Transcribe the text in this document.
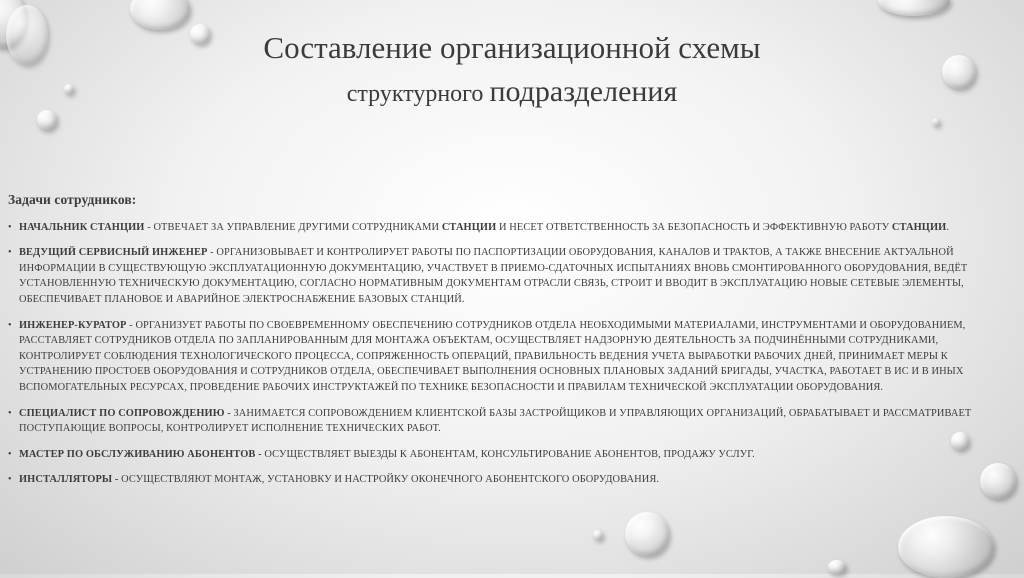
Составление организационной схемы
структурного подразделения
Задачи сотрудников:
• НАЧАЛЬНИК СТАНЦИИ - ОТВЕЧАЕТ ЗА УПРАВЛЕНИЕ ДРУГИМИ СОТРУДНИКАМИ СТАНЦИИ И НЕСЕТ ОТВЕТСТВЕННОСТЬ ЗА БЕЗОПАСНОСТЬ И ЭФФЕКТИВНУЮ РАБОТУ СТАНЦИИ.
• ВЕДУЩИЙ СЕРВИСНЫЙ ИНЖЕНЕР - ОРГАНИЗОВЫВАЕТ И КОНТРОЛИРУЕТ РАБОТЫ ПО ПАСПОРТИЗАЦИИ ОБОРУДОВАНИЯ, КАНАЛОВ И ТРАКТОВ, А ТАКЖЕ ВНЕСЕНИЕ АКТУАЛЬНОЙ ИНФОРМАЦИИ В СУЩЕСТВУЮЩУЮ ЭКСПЛУАТАЦИОННУЮ ДОКУМЕНТАЦИЮ, УЧАСТВУЕТ В ПРИЕМО-СДАТОЧНЫХ ИСПЫТАНИЯХ ВНОВЬ СМОНТИРОВАННОГО ОБОРУДОВАНИЯ, ВЕДЁТ УСТАНОВЛЕННУЮ ТЕХНИЧЕСКУЮ ДОКУМЕНТАЦИЮ, СОГЛАСНО НОРМАТИВНЫМ ДОКУМЕНТАМ ОТРАСЛИ СВЯЗЬ, СТРОИТ И ВВОДИТ В ЭКСПЛУАТАЦИЮ НОВЫЕ СЕТЕВЫЕ ЭЛЕМЕНТЫ, ОБЕСПЕЧИВАЕТ ПЛАНОВОЕ И АВАРИЙНОЕ ЭЛЕКТРОСНАБЖЕНИЕ БАЗОВЫХ СТАНЦИЙ.
• ИНЖЕНЕР-КУРАТОР - ОРГАНИЗУЕТ РАБОТЫ ПО СВОЕВРЕМЕННОМУ ОБЕСПЕЧЕНИЮ СОТРУДНИКОВ ОТДЕЛА НЕОБХОДИМЫМИ МАТЕРИАЛАМИ, ИНСТРУМЕНТАМИ И ОБОРУДОВАНИЕМ, РАССТАВЛЯЕТ СОТРУДНИКОВ ОТДЕЛА ПО ЗАПЛАНИРОВАННЫМ ДЛЯ МОНТАЖА ОБЪЕКТАМ, ОСУЩЕСТВЛЯЕТ НАДЗОРНУЮ ДЕЯТЕЛЬНОСТЬ ЗА ПОДЧИНЁННЫМИ СОТРУДНИКАМИ, КОНТРОЛИРУЕТ СОБЛЮДЕНИЯ ТЕХНОЛОГИЧЕСКОГО ПРОЦЕССА, СОПРЯЖЕННОСТЬ ОПЕРАЦИЙ, ПРАВИЛЬНОСТЬ ВЕДЕНИЯ УЧЕТА ВЫРАБОТКИ РАБОЧИХ ДНЕЙ, ПРИНИМАЕТ МЕРЫ К УСТРАНЕНИЮ ПРОСТОЕВ ОБОРУДОВАНИЯ И СОТРУДНИКОВ ОТДЕЛА, ОБЕСПЕЧИВАЕТ ВЫПОЛНЕНИЯ ОСНОВНЫХ ПЛАНОВЫХ ЗАДАНИЙ БРИГАДЫ, УЧАСТКА, РАБОТАЕТ В ИС И В ИНЫХ ВСПОМОГАТЕЛЬНЫХ РЕСУРСАХ, ПРОВЕДЕНИЕ РАБОЧИХ ИНСТРУКТАЖЕЙ ПО ТЕХНИКЕ БЕЗОПАСНОСТИ И ПРАВИЛАМ ТЕХНИЧЕСКОЙ ЭКСПЛУАТАЦИИ ОБОРУДОВАНИЯ.
• СПЕЦИАЛИСТ ПО СОПРОВОЖДЕНИЮ - ЗАНИМАЕТСЯ СОПРОВОЖДЕНИЕМ КЛИЕНТСКОЙ БАЗЫ ЗАСТРОЙЩИКОВ И УПРАВЛЯЮЩИХ ОРГАНИЗАЦИЙ, ОБРАБАТЫВАЕТ И РАССМАТРИВАЕТ ПОСТУПАЮЩИЕ ВОПРОСЫ, КОНТРОЛИРУЕТ ИСПОЛНЕНИЕ ТЕХНИЧЕСКИХ РАБОТ.
• МАСТЕР ПО ОБСЛУЖИВАНИЮ АБОНЕНТОВ - ОСУЩЕСТВЛЯЕТ ВЫЕЗДЫ К АБОНЕНТАМ, КОНСУЛЬТИРОВАНИЕ АБОНЕНТОВ, ПРОДАЖУ УСЛУГ.
• ИНСТАЛЛЯТОРЫ - ОСУЩЕСТВЛЯЮТ МОНТАЖ, УСТАНОВКУ И НАСТРОЙКУ ОКОНЕЧНОГО АБОНЕНТСКОГО ОБОРУДОВАНИЯ.
